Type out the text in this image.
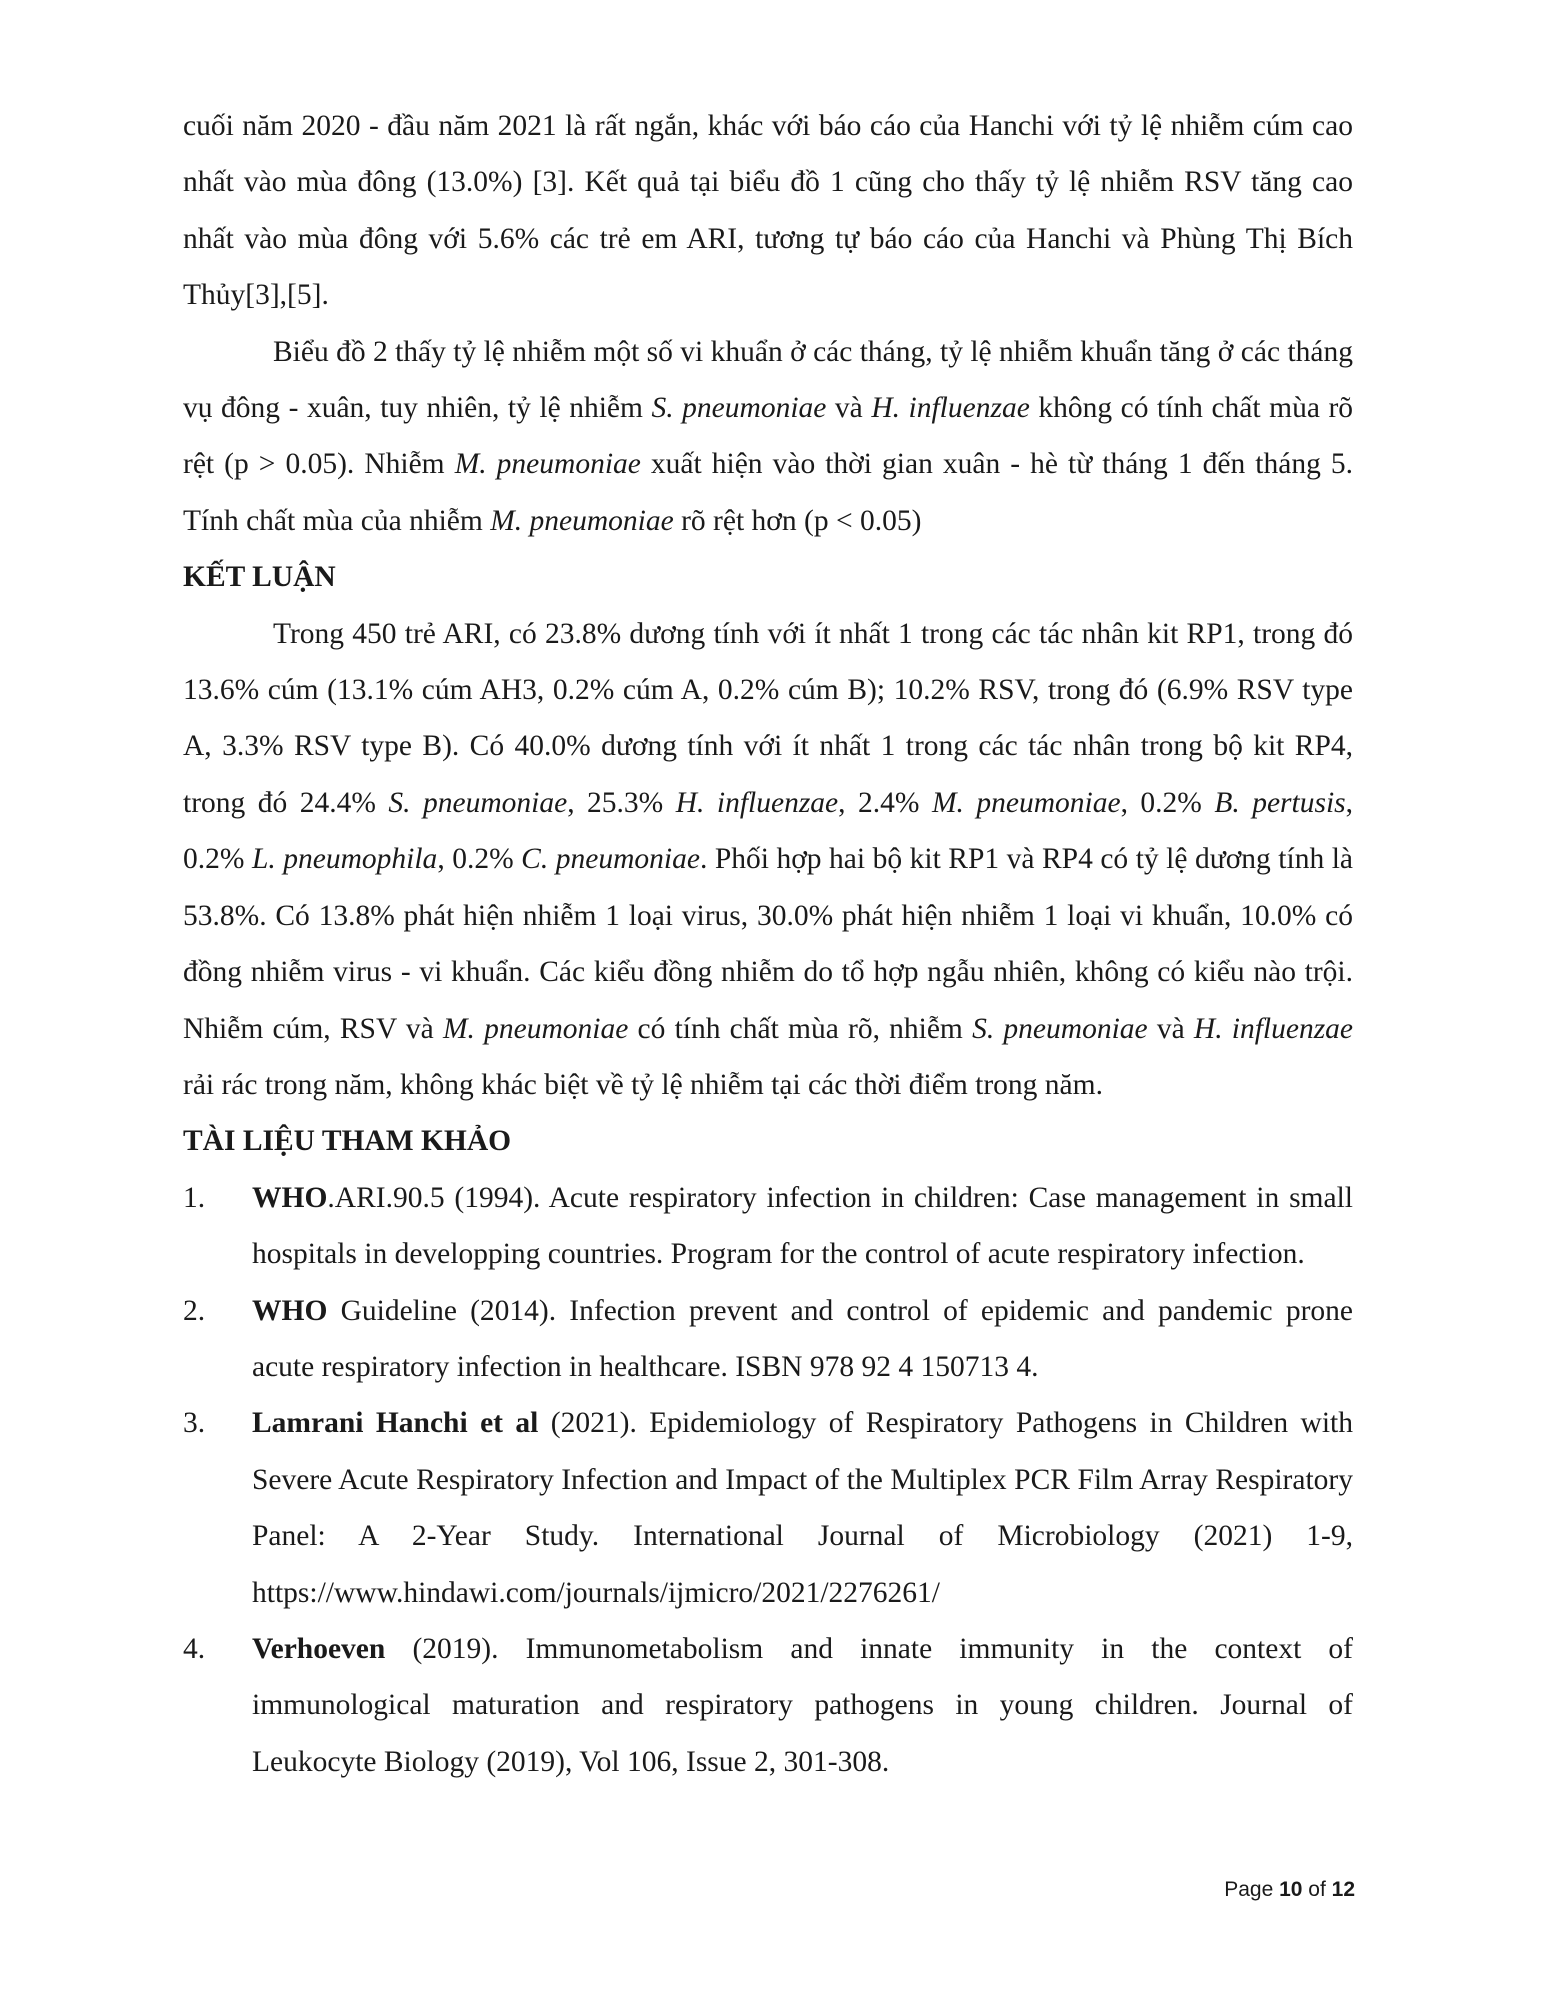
cuối năm 2020 - đầu năm 2021 là rất ngắn, khác với báo cáo của Hanchi với tỷ lệ nhiễm cúm cao nhất vào mùa đông (13.0%) [3]. Kết quả tại biểu đồ 1 cũng cho thấy tỷ lệ nhiễm RSV tăng cao nhất vào mùa đông với 5.6% các trẻ em ARI, tương tự báo cáo của Hanchi và Phùng Thị Bích Thủy[3],[5].

Biểu đồ 2 thấy tỷ lệ nhiễm một số vi khuẩn ở các tháng, tỷ lệ nhiễm khuẩn tăng ở các tháng vụ đông - xuân, tuy nhiên, tỷ lệ nhiễm S. pneumoniae và H. influenzae không có tính chất mùa rõ rệt (p > 0.05). Nhiễm M. pneumoniae xuất hiện vào thời gian xuân - hè từ tháng 1 đến tháng 5. Tính chất mùa của nhiễm M. pneumoniae rõ rệt hơn (p < 0.05)

KẾT LUẬN

Trong 450 trẻ ARI, có 23.8% dương tính với ít nhất 1 trong các tác nhân kit RP1, trong đó 13.6% cúm (13.1% cúm AH3, 0.2% cúm A, 0.2% cúm B); 10.2% RSV, trong đó (6.9% RSV type A, 3.3% RSV type B). Có 40.0% dương tính với ít nhất 1 trong các tác nhân trong bộ kit RP4, trong đó 24.4% S. pneumoniae, 25.3% H. influenzae, 2.4% M. pneumoniae, 0.2% B. pertusis, 0.2% L. pneumophila, 0.2% C. pneumoniae. Phối hợp hai bộ kit RP1 và RP4 có tỷ lệ dương tính là 53.8%. Có 13.8% phát hiện nhiễm 1 loại virus, 30.0% phát hiện nhiễm 1 loại vi khuẩn, 10.0% có đồng nhiễm virus - vi khuẩn. Các kiểu đồng nhiễm do tổ hợp ngẫu nhiên, không có kiểu nào trội. Nhiễm cúm, RSV và M. pneumoniae có tính chất mùa rõ, nhiễm S. pneumoniae và H. influenzae rải rác trong năm, không khác biệt về tỷ lệ nhiễm tại các thời điểm trong năm.

TÀI LIỆU THAM KHẢO
1. WHO.ARI.90.5 (1994). Acute respiratory infection in children: Case management in small hospitals in developping countries. Program for the control of acute respiratory infection.
2. WHO Guideline (2014). Infection prevent and control of epidemic and pandemic prone acute respiratory infection in healthcare. ISBN 978 92 4 150713 4.
3. Lamrani Hanchi et al (2021). Epidemiology of Respiratory Pathogens in Children with Severe Acute Respiratory Infection and Impact of the Multiplex PCR Film Array Respiratory Panel: A 2-Year Study. International Journal of Microbiology (2021) 1-9, https://www.hindawi.com/journals/ijmicro/2021/2276261/
4. Verhoeven (2019). Immunometabolism and innate immunity in the context of immunological maturation and respiratory pathogens in young children. Journal of Leukocyte Biology (2019), Vol 106, Issue 2, 301-308.
Page 10 of 12
